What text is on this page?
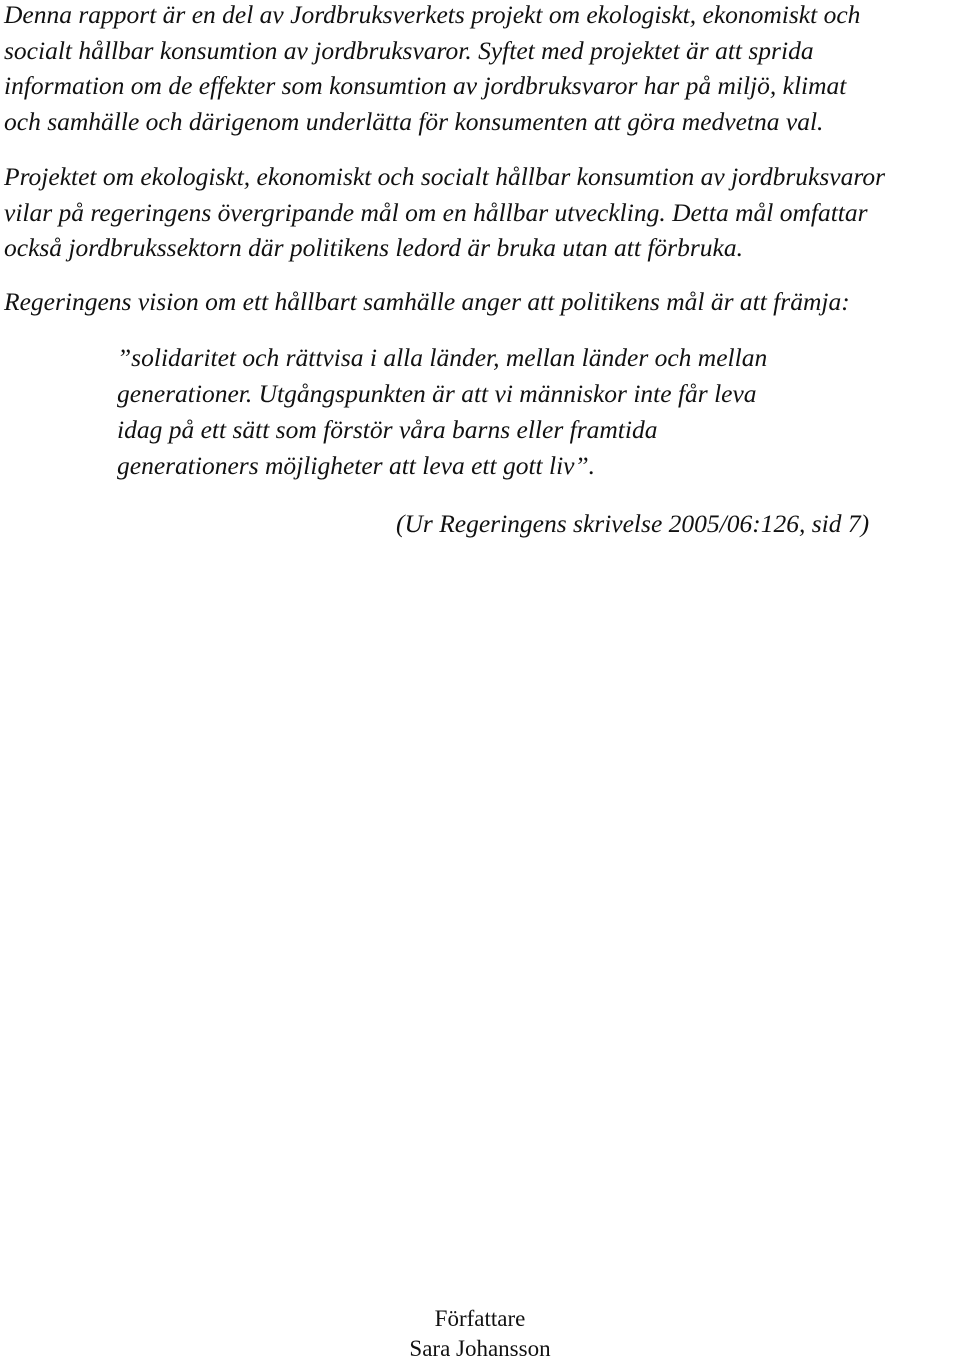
Denna rapport är en del av Jordbruksverkets projekt om ekologiskt, ekonomiskt och
socialt hållbar konsumtion av jordbruksvaror. Syftet med projektet är att sprida
information om de effekter som konsumtion av jordbruksvaror har på miljö, klimat
och samhälle och därigenom underlätta för konsumenten att göra medvetna val.

Projektet om ekologiskt, ekonomiskt och socialt hållbar konsumtion av jordbruksvaror
vilar på regeringens övergripande mål om en hållbar utveckling. Detta mål omfattar
också jordbrukssektorn där politikens ledord är bruka utan att förbruka.

Regeringens vision om ett hållbart samhälle anger att politikens mål är att främja:

”solidaritet och rättvisa i alla länder, mellan länder och mellan
generationer. Utgångspunkten är att vi människor inte får leva
idag på ett sätt som förstör våra barns eller framtida
generationers möjligheter att leva ett gott liv”.

(Ur Regeringens skrivelse 2005/06:126, sid 7)

Författare
Sara Johansson
